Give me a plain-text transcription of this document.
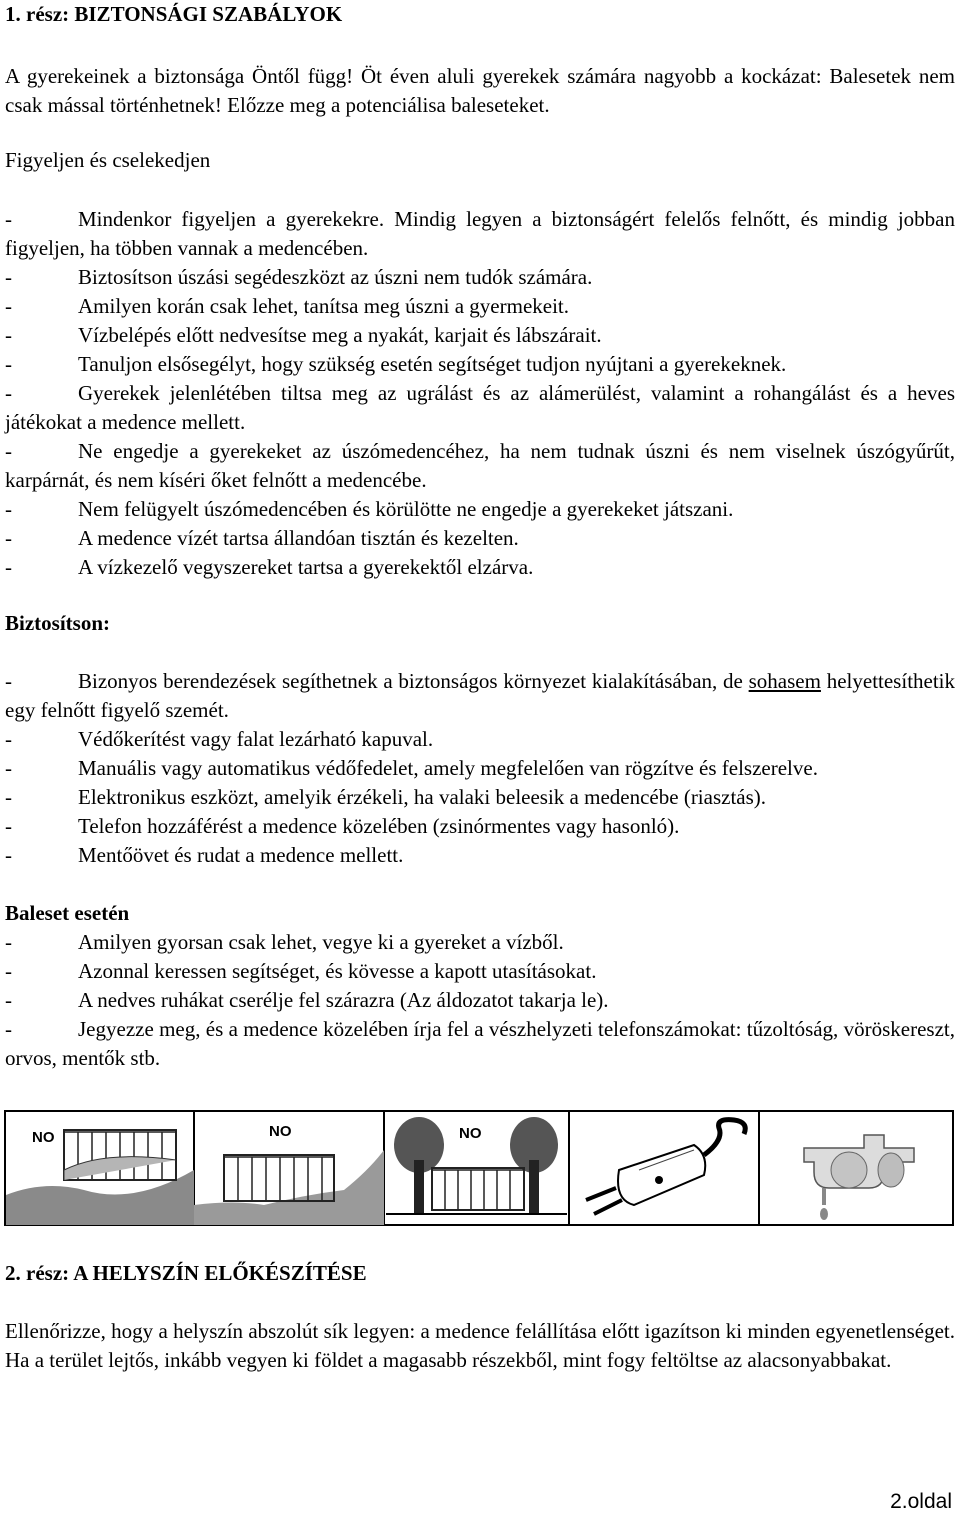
1. rész: BIZTONSÁGI SZABÁLYOK

A gyerekeinek a biztonsága Öntől függ! Öt éven aluli gyerekek számára nagyobb a kockázat: Balesetek nem csak mással történhetnek! Előzze meg a potenciálisa baleseteket.

Figyeljen és cselekedjen

- Mindenkor figyeljen a gyerekekre. Mindig legyen a biztonságért felelős felnőtt, és mindig jobban figyeljen, ha többen vannak a medencében.
- Biztosítson úszási segédeszközt az úszni nem tudók számára.
- Amilyen korán csak lehet, tanítsa meg úszni a gyermekeit.
- Vízbelépés előtt nedvesítse meg a nyakát, karjait és lábszárait.
- Tanuljon elsősegélyt, hogy szükség esetén segítséget tudjon nyújtani a gyerekeknek.
- Gyerekek jelenlétében tiltsa meg az ugrálást és az alámerülést, valamint a rohangálást és a heves játékokat a medence mellett.
- Ne engedje a gyerekeket az úszómedencéhez, ha nem tudnak úszni és nem viselnek úszógyűrűt, karpárnát, és nem kíséri őket felnőtt a medencébe.
- Nem felügyelt úszómedencében és körülötte ne engedje a gyerekeket játszani.
- A medence vízét tartsa állandóan tisztán és kezelten.
- A vízkezelő vegyszereket tartsa a gyerekektől elzárva.
Biztosítson:
- Bizonyos berendezések segíthetnek a biztonságos környezet kialakításában, de sohasem helyettesíthetik egy felnőtt figyelő szemét.
- Védőkerítést vagy falat lezárható kapuval.
- Manuális vagy automatikus védőfedelet, amely megfelelően van rögzítve és felszerelve.
- Elektronikus eszközt, amelyik érzékeli, ha valaki beleesik a medencébe (riasztás).
- Telefon hozzáférést a medence közelében (zsinórmentes vagy hasonló).
- Mentőövet és rudat a medence mellett.
Baleset esetén
- Amilyen gyorsan csak lehet, vegye ki a gyereket a vízből.
- Azonnal keressen segítséget, és kövesse a kapott utasításokat.
- A nedves ruhákat cserélje fel szárazra (Az áldozatot takarja le).
- Jegyezze meg, és a medence közelében írja fel a vészhelyzeti telefonszámokat: tűzoltóság, vöröskereszt, orvos, mentők stb.
NO	NO	NO
2. rész: A HELYSZÍN ELŐKÉSZÍTÉSE

Ellenőrizze, hogy a helyszín abszolút sík legyen: a medence felállítása előtt igazítson ki minden egyenetlenséget. Ha a terület lejtős, inkább vegyen ki földet a magasabb részekből, mint fogy feltöltse az alacsonyabbakat.

2.oldal
